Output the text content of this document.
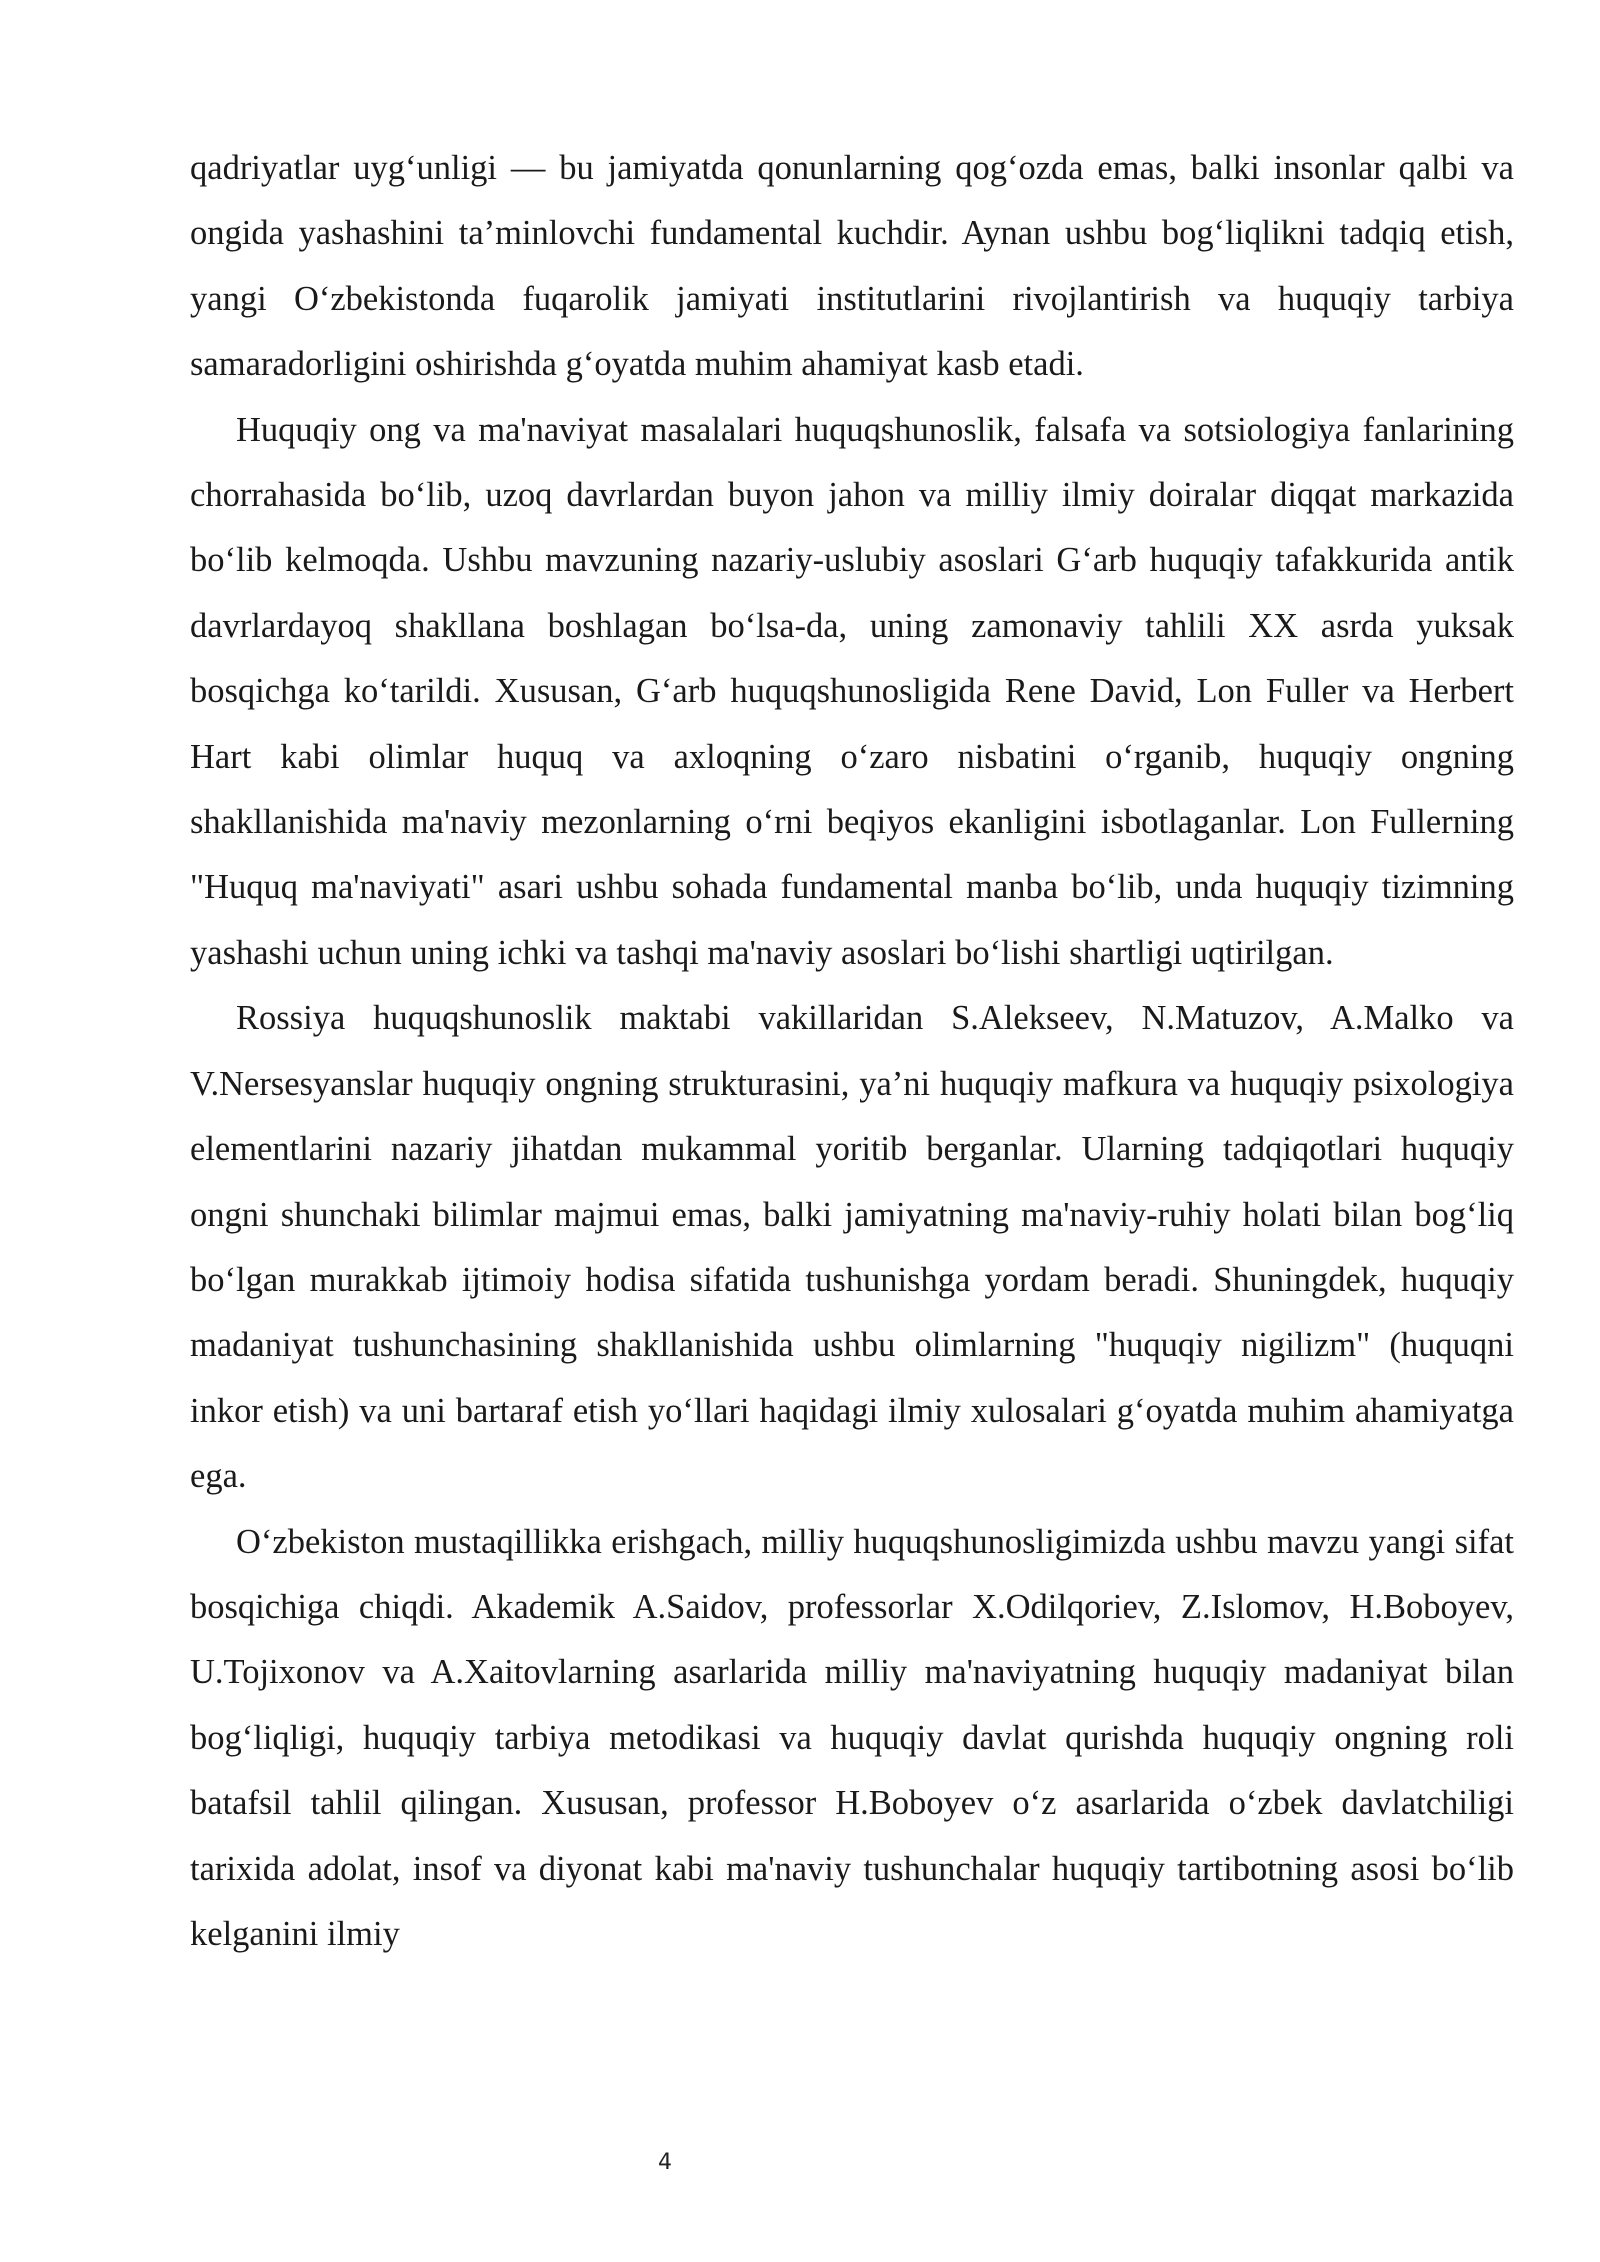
qadriyatlar uyg‘unligi — bu jamiyatda qonunlarning qog‘ozda emas, balki insonlar qalbi va ongida yashashini ta’minlovchi fundamental kuchdir. Aynan ushbu bog‘liqlikni tadqiq etish, yangi O‘zbekistonda fuqarolik jamiyati institutlarini rivojlantirish va huquqiy tarbiya samaradorligini oshirishda g‘oyatda muhim ahamiyat kasb etadi.

Huquqiy ong va ma'naviyat masalalari huquqshunoslik, falsafa va sotsiologiya fanlarining chorrahasida bo‘lib, uzoq davrlardan buyon jahon va milliy ilmiy doiralar diqqat markazida bo‘lib kelmoqda. Ushbu mavzuning nazariy-uslubiy asoslari G‘arb huquqiy tafakkurida antik davrlardayoq shakllana boshlagan bo‘lsa-da, uning zamonaviy tahlili XX asrda yuksak bosqichga ko‘tarildi. Xususan, G‘arb huquqshunosligida Rene David, Lon Fuller va Herbert Hart kabi olimlar huquq va axloqning o‘zaro nisbatini o‘rganib, huquqiy ongning shakllanishida ma'naviy mezonlarning o‘rni beqiyos ekanligini isbotlaganlar. Lon Fullerning "Huquq ma'naviyati" asari ushbu sohada fundamental manba bo‘lib, unda huquqiy tizimning yashashi uchun uning ichki va tashqi ma'naviy asoslari bo‘lishi shartligi uqtirilgan.

Rossiya huquqshunoslik maktabi vakillaridan S.Alekseev, N.Matuzov, A.Malko va V.Nersesyanslar huquqiy ongning strukturasini, ya’ni huquqiy mafkura va huquqiy psixologiya elementlarini nazariy jihatdan mukammal yoritib berganlar. Ularning tadqiqotlari huquqiy ongni shunchaki bilimlar majmui emas, balki jamiyatning ma'naviy-ruhiy holati bilan bog‘liq bo‘lgan murakkab ijtimoiy hodisa sifatida tushunishga yordam beradi. Shuningdek, huquqiy madaniyat tushunchasining shakllanishida ushbu olimlarning "huquqiy nigilizm" (huquqni inkor etish) va uni bartaraf etish yo‘llari haqidagi ilmiy xulosalari g‘oyatda muhim ahamiyatga ega.

O‘zbekiston mustaqillikka erishgach, milliy huquqshunosligimizda ushbu mavzu yangi sifat bosqichiga chiqdi. Akademik A.Saidov, professorlar X.Odilqoriev, Z.Islomov, H.Boboyev, U.Tojixonov va A.Xaitovlarning asarlarida milliy ma'naviyatning huquqiy madaniyat bilan bog‘liqligi, huquqiy tarbiya metodikasi va huquqiy davlat qurishda huquqiy ongning roli batafsil tahlil qilingan. Xususan, professor H.Boboyev o‘z asarlarida o‘zbek davlatchiligi tarixida adolat, insof va diyonat kabi ma'naviy tushunchalar huquqiy tartibotning asosi bo‘lib kelganini ilmiy

4
